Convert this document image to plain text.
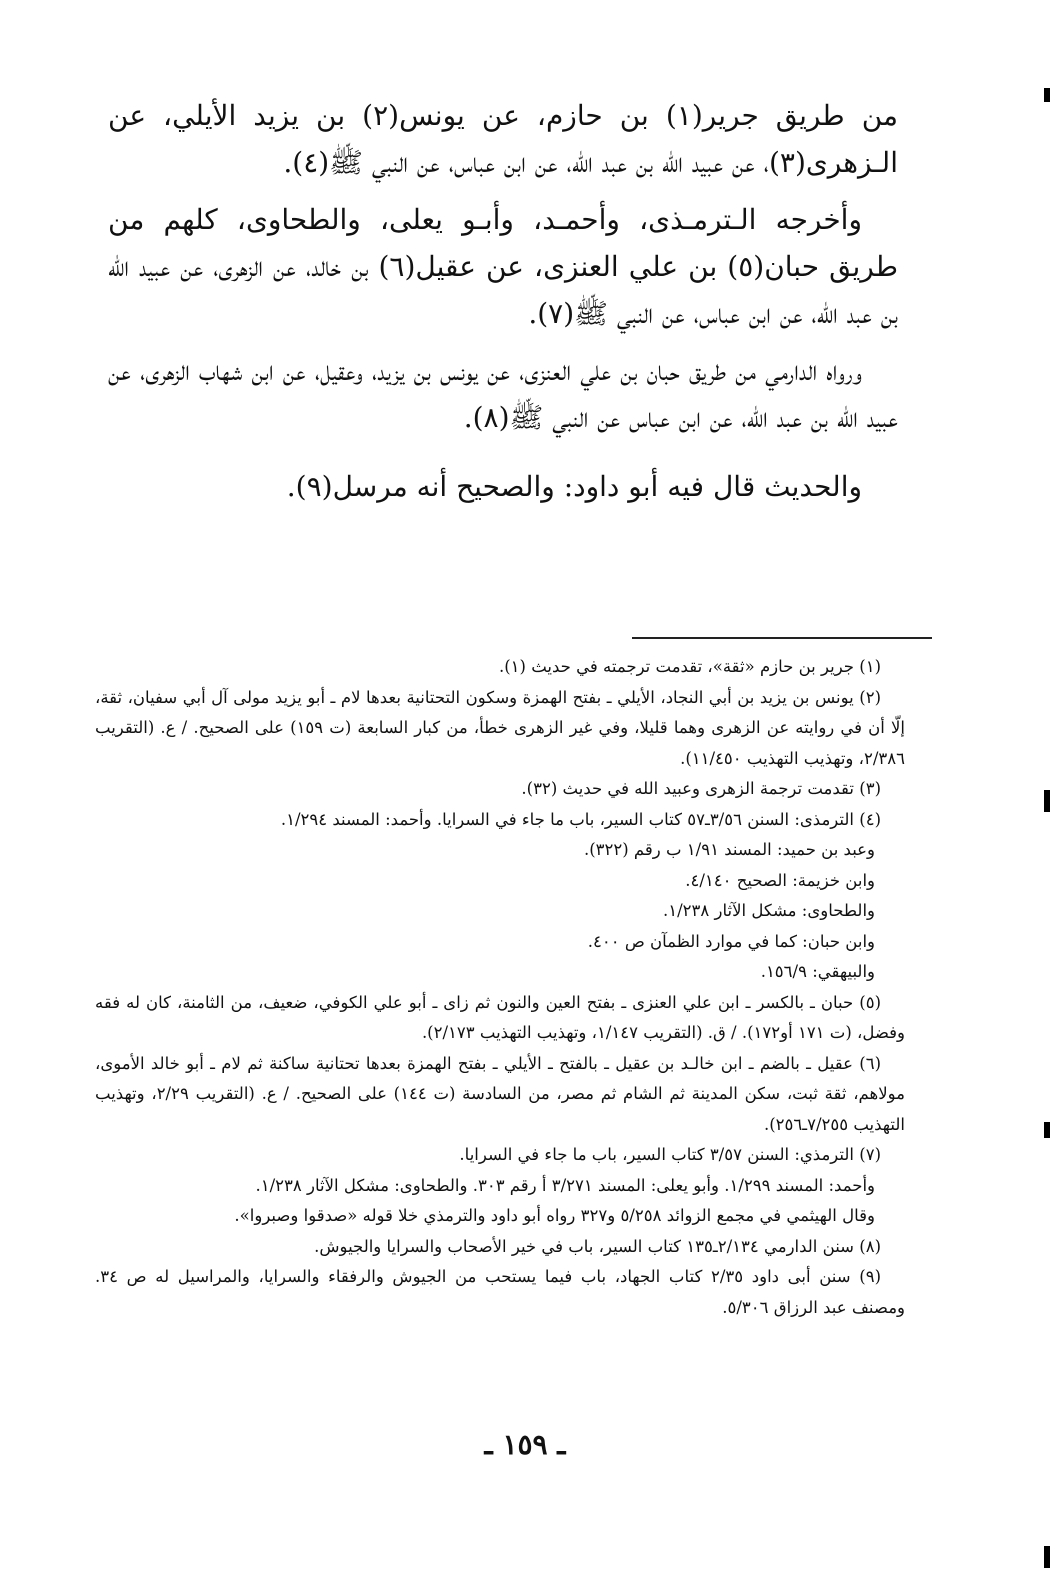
من طريق جرير(١) بن حازم، عن يونس(٢) بن يزيد الأيلي، عن الـزهرى(٣)، عن عبيد الله بن عبد الله، عن ابن عباس، عن النبي ﷺ(٤).

وأخرجه الـترمـذى، وأحمـد، وأبـو يعلى، والطحاوى، كلهم من طريق حبان(٥) بن علي العنزى، عن عقيل(٦) بن خالد، عن الزهرى، عن عبيد الله بن عبد الله، عن ابن عباس، عن النبي ﷺ(٧).

ورواه الدارمي من طريق حبان بن علي العنزى، عن يونس بن يزيد، وعقيل، عن ابن شهاب الزهرى، عن عبيد الله بن عبد الله، عن ابن عباس عن النبي ﷺ(٨).

والحديث قال فيه أبو داود: والصحيح أنه مرسل(٩).

(١) جرير بن حازم «ثقة»، تقدمت ترجمته في حديث (١).

(٢) يونس بن يزيد بن أبي النجاد، الأيلي ـ بفتح الهمزة وسكون التحتانية بعدها لام ـ أبو يزيد مولى آل أبي سفيان، ثقة، إلّا أن في روايته عن الزهرى وهما قليلا، وفي غير الزهرى خطأ، من كبار السابعة (ت ١٥٩) على الصحيح. / ع. (التقريب ٢/٣٨٦، وتهذيب التهذيب ١١/٤٥٠).

(٣) تقدمت ترجمة الزهرى وعبيد الله في حديث (٣٢).

(٤) الترمذى: السنن ٣/٥٦ـ٥٧ كتاب السير، باب ما جاء في السرايا. وأحمد: المسند ١/٢٩٤.

وعبد بن حميد: المسند ١/٩١ ب رقم (٣٢٢).

وابن خزيمة: الصحيح ٤/١٤٠.

والطحاوى: مشكل الآثار ١/٢٣٨.

وابن حبان: كما في موارد الظمآن ص ٤٠٠.

والبيهقي: ١٥٦/٩.

(٥) حبان ـ بالكسر ـ ابن علي العنزى ـ بفتح العين والنون ثم زاى ـ أبو علي الكوفي، ضعيف، من الثامنة، كان له فقه وفضل، (ت ١٧١ أو١٧٢). / ق. (التقريب ١/١٤٧، وتهذيب التهذيب ٢/١٧٣).

(٦) عقيل ـ بالضم ـ ابن خالـد بن عقيل ـ بالفتح ـ الأيلي ـ بفتح الهمزة بعدها تحتانية ساكنة ثم لام ـ أبو خالد الأموى، مولاهم، ثقة ثبت، سكن المدينة ثم الشام ثم مصر، من السادسة (ت ١٤٤) على الصحيح. / ع. (التقريب ٢/٢٩، وتهذيب التهذيب ٧/٢٥٥ـ٢٥٦).

(٧) الترمذي: السنن ٣/٥٧ كتاب السير، باب ما جاء في السرايا.

وأحمد: المسند ١/٢٩٩. وأبو يعلى: المسند ٣/٢٧١ أ رقم ٣٠٣. والطحاوى: مشكل الآثار ١/٢٣٨.

وقال الهيثمي في مجمع الزوائد ٥/٢٥٨ و٣٢٧ رواه أبو داود والترمذي خلا قوله «صدقوا وصبروا».

(٨) سنن الدارمي ٢/١٣٤ـ١٣٥ كتاب السير، باب في خير الأصحاب والسرايا والجيوش.

(٩) سنن أبى داود ٢/٣٥ كتاب الجهاد، باب فيما يستحب من الجيوش والرفقاء والسرايا، والمراسيل له ص ٣٤. ومصنف عبد الرزاق ٥/٣٠٦.

ـ ١٥٩ ـ
